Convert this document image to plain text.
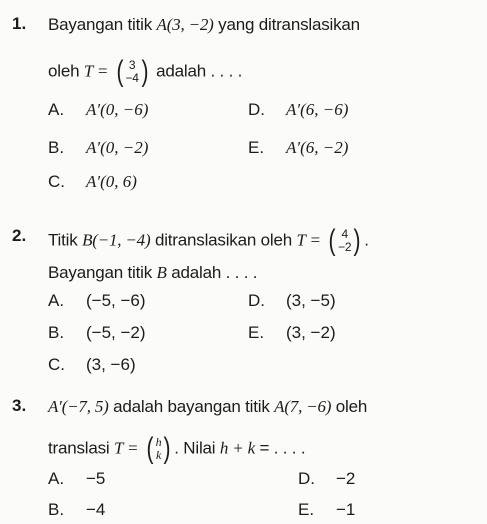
1. Bayangan titik A(3, −2) yang ditranslasikan
oleh T = ( 3
−4 ) adalah . . . .
A. A′(0, −6)
B. A′(0, −2)
C. A′(0, 6)
D. A′(6, −6)
E. A′(6, −2)
2. Titik B(−1, −4) ditranslasikan oleh T = ( 4
−2 ) .
Bayangan titik B adalah . . . .
A. (−5, −6)
B. (−5, −2)
C. (3, −6)
D. (3, −5)
E. (3, −2)
3. A′(−7, 5) adalah bayangan titik A(7, −6) oleh
translasi T = ( h
k ) . Nilai h + k = . . . .
A. −5
B. −4
D. −2
E. −1
